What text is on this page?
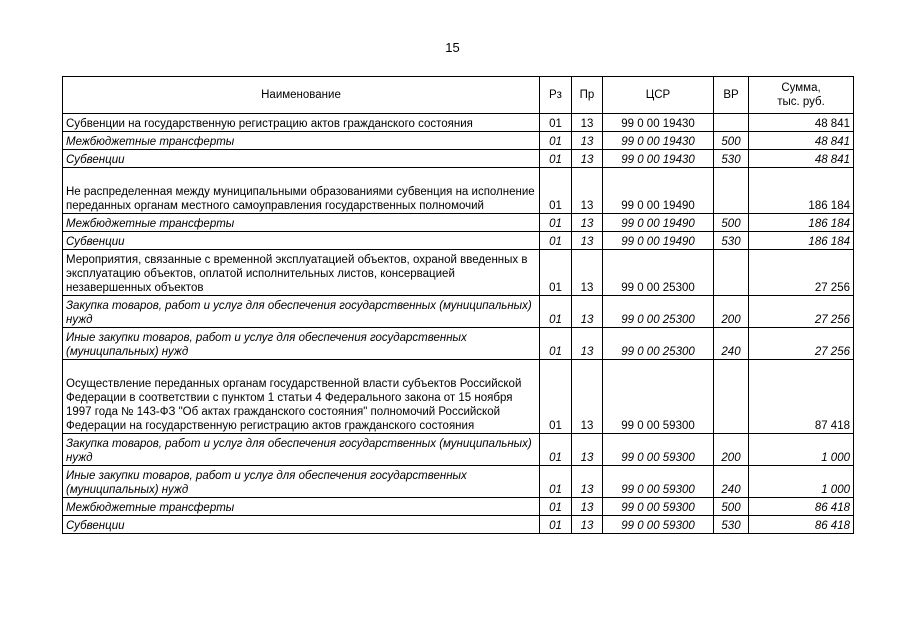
15
Наименование	Рз	Пр	ЦСР	ВР	Сумма,
тыс. руб.
Субвенции на государственную регистрацию актов гражданского состояния	01	13	99 0 00 19430		48 841
Межбюджетные трансферты	01	13	99 0 00 19430	500	48 841
Субвенции	01	13	99 0 00 19430	530	48 841
Не распределенная между муниципальными образованиями субвенция на исполнение переданных органам местного самоуправления государственных полномочий	01	13	99 0 00 19490		186 184
Межбюджетные трансферты	01	13	99 0 00 19490	500	186 184
Субвенции	01	13	99 0 00 19490	530	186 184
Мероприятия, связанные с временной эксплуатацией объектов, охраной введенных в эксплуатацию объектов, оплатой исполнительных листов, консервацией незавершенных объектов	01	13	99 0 00 25300		27 256
Закупка товаров, работ и услуг для обеспечения государственных (муниципальных) нужд	01	13	99 0 00 25300	200	27 256
Иные закупки товаров, работ и услуг для обеспечения государственных (муниципальных) нужд	01	13	99 0 00 25300	240	27 256
Осуществление переданных органам государственной власти субъектов Российской Федерации в соответствии с пунктом 1 статьи 4 Федерального закона от 15 ноября 1997 года № 143-ФЗ "Об актах гражданского состояния" полномочий Российской Федерации на государственную регистрацию актов гражданского состояния	01	13	99 0 00 59300		87 418
Закупка товаров, работ и услуг для обеспечения государственных (муниципальных) нужд	01	13	99 0 00 59300	200	1 000
Иные закупки товаров, работ и услуг для обеспечения государственных (муниципальных) нужд	01	13	99 0 00 59300	240	1 000
Межбюджетные трансферты	01	13	99 0 00 59300	500	86 418
Субвенции	01	13	99 0 00 59300	530	86 418
